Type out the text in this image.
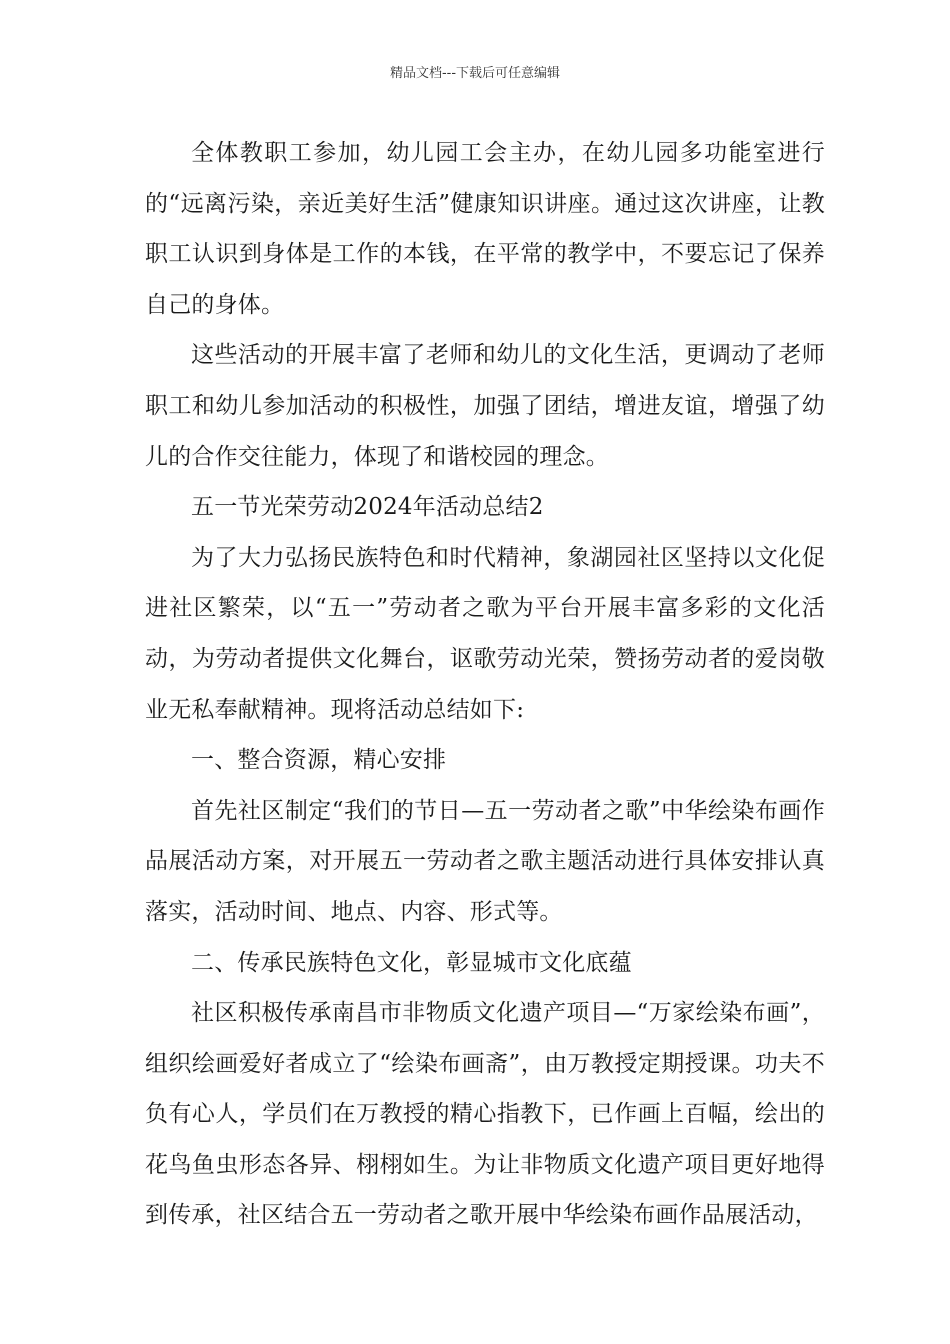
精品文档---下载后可任意编辑

全体教职工参加，幼儿园工会主办，在幼儿园多功能室进行的“远离污染，亲近美好生活”健康知识讲座。通过这次讲座，让教职工认识到身体是工作的本钱，在平常的教学中，不要忘记了保养自己的身体。

这些活动的开展丰富了老师和幼儿的文化生活，更调动了老师职工和幼儿参加活动的积极性，加强了团结，增进友谊，增强了幼儿的合作交往能力，体现了和谐校园的理念。

五一节光荣劳动2024年活动总结2

为了大力弘扬民族特色和时代精神，象湖园社区坚持以文化促进社区繁荣，以“五一”劳动者之歌为平台开展丰富多彩的文化活动，为劳动者提供文化舞台，讴歌劳动光荣，赞扬劳动者的爱岗敬业无私奉献精神。现将活动总结如下:

一、整合资源，精心安排

首先社区制定“我们的节日—五一劳动者之歌”中华绘染布画作品展活动方案，对开展五一劳动者之歌主题活动进行具体安排认真落实，活动时间、地点、内容、形式等。

二、传承民族特色文化，彰显城市文化底蕴

社区积极传承南昌市非物质文化遗产项目—“万家绘染布画”，组织绘画爱好者成立了“绘染布画斋”，由万教授定期授课。功夫不负有心人，学员们在万教授的精心指教下，已作画上百幅，绘出的花鸟鱼虫形态各异、栩栩如生。为让非物质文化遗产项目更好地得到传承，社区结合五一劳动者之歌开展中华绘染布画作品展活动，
